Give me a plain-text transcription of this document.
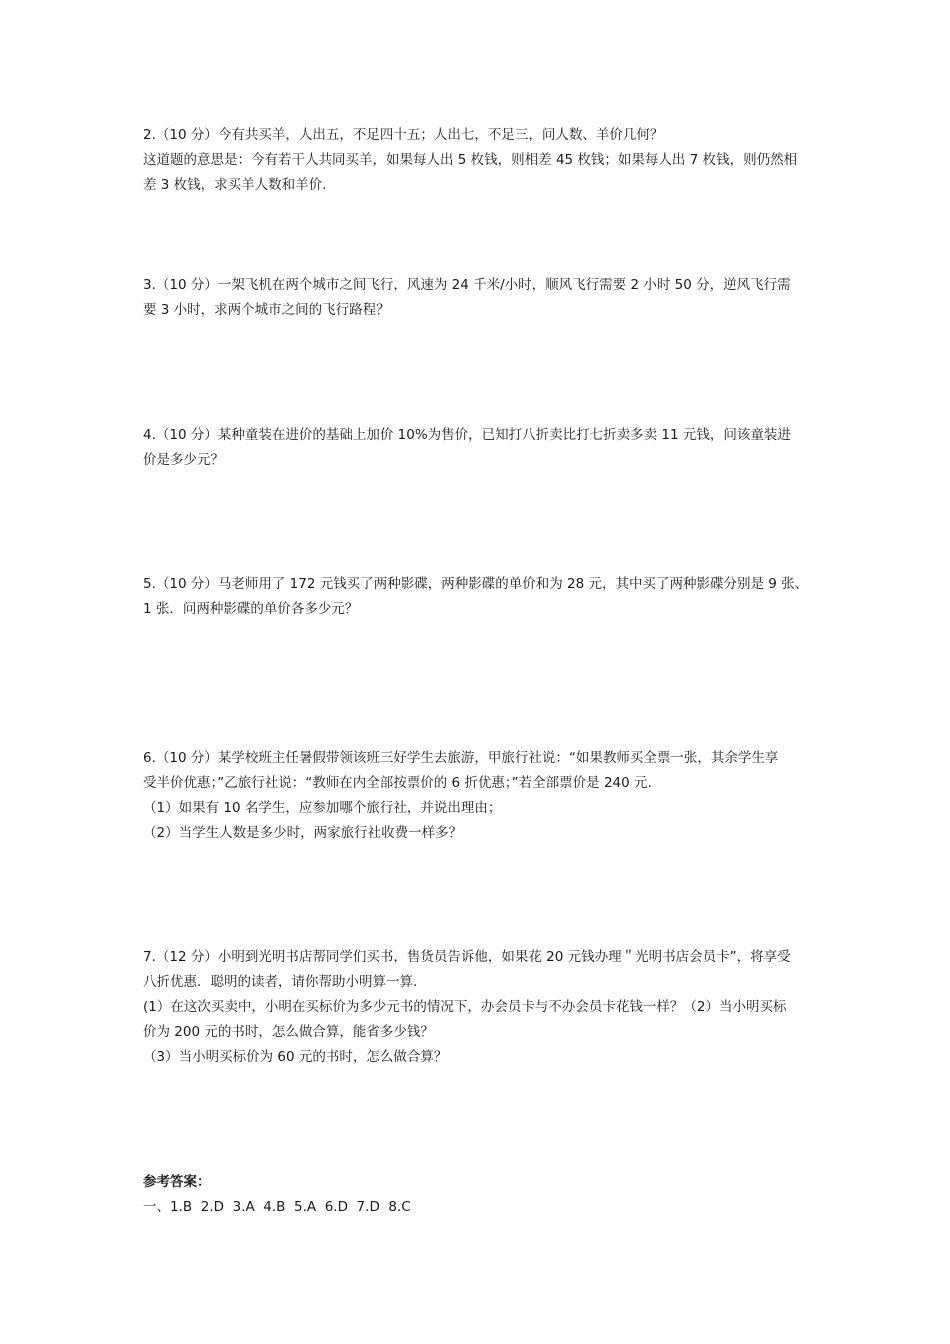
2.（10 分）今有共买羊，人出五，不足四十五；人出七，不足三，问人数、羊价几何？
这道题的意思是：今有若干人共同买羊，如果每人出 5 枚钱，则相差 45 枚钱；如果每人出 7 枚钱，则仍然相
差 3 枚钱，求买羊人数和羊价.
3.（10 分）一架飞机在两个城市之间飞行，风速为 24 千米/小时，顺风飞行需要 2 小时 50 分，逆风飞行需
要 3 小时，求两个城市之间的飞行路程？
4.（10 分）某种童装在进价的基础上加价 10%为售价，已知打八折卖比打七折卖多卖 11 元钱，问该童装进
价是多少元？
5.（10 分）马老师用了 172 元钱买了两种影碟，两种影碟的单价和为 28 元，其中买了两种影碟分别是 9 张、
1 张．问两种影碟的单价各多少元？
6.（10 分）某学校班主任暑假带领该班三好学生去旅游，甲旅行社说：“如果教师买全票一张，其余学生享
受半价优惠；”乙旅行社说：“教师在内全部按票价的 6 折优惠；”若全部票价是 240 元.
（1）如果有 10 名学生，应参加哪个旅行社，并说出理由；
（2）当学生人数是多少时，两家旅行社收费一样多？
7.（12 分）小明到光明书店帮同学们买书，售货员告诉他，如果花 20 元钱办理＂光明书店会员卡”，将享受
八折优惠．聪明的读者，请你帮助小明算一算.
(1）在这次买卖中，小明在买标价为多少元书的情况下，办会员卡与不办会员卡花钱一样？（2）当小明买标
价为 200 元的书时，怎么做合算，能省多少钱？
（3）当小明买标价为 60 元的书时，怎么做合算？
参考答案：
一、1.B  2.D  3.A  4.B  5.A  6.D  7.D  8.C
